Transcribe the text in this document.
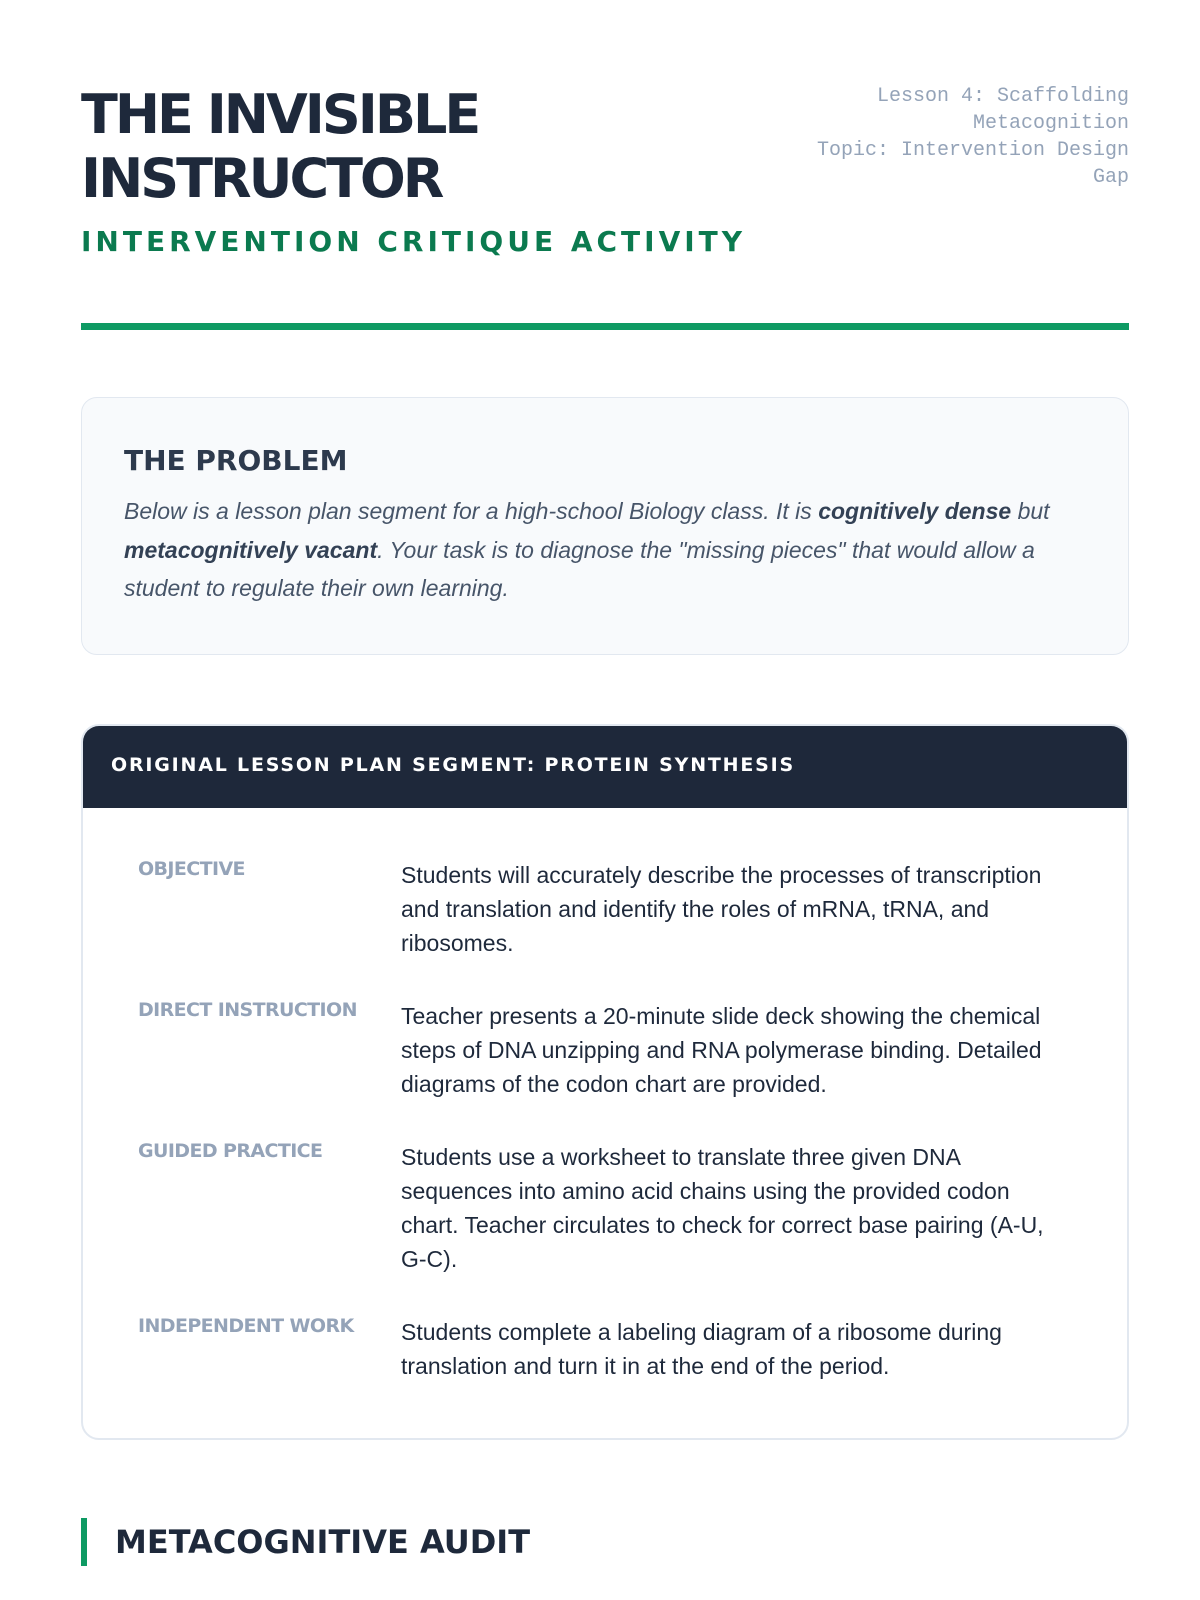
THE INVISIBLE
INSTRUCTOR
INTERVENTION CRITIQUE ACTIVITY
Lesson 4: Scaffolding
Metacognition
Topic: Intervention Design
Gap
THE PROBLEM

Below is a lesson plan segment for a high-school Biology class. It is cognitively dense but metacognitively vacant. Your task is to diagnose the "missing pieces" that would allow a student to regulate their own learning.

ORIGINAL LESSON PLAN SEGMENT: PROTEIN SYNTHESIS
OBJECTIVE	Students will accurately describe the processes of transcription and translation and identify the roles of mRNA, tRNA, and ribosomes.
DIRECT INSTRUCTION Teacher presents a 20-minute slide deck showing the chemical steps of DNA unzipping and RNA polymerase binding. Detailed diagrams of the codon chart are provided.
GUIDED PRACTICE	Students use a worksheet to translate three given DNA sequences into amino acid chains using the provided codon chart. Teacher circulates to check for correct base pairing (A-U, G-C).
INDEPENDENT WORK Students complete a labeling diagram of a ribosome during translation and turn it in at the end of the period.
METACOGNITIVE AUDIT
